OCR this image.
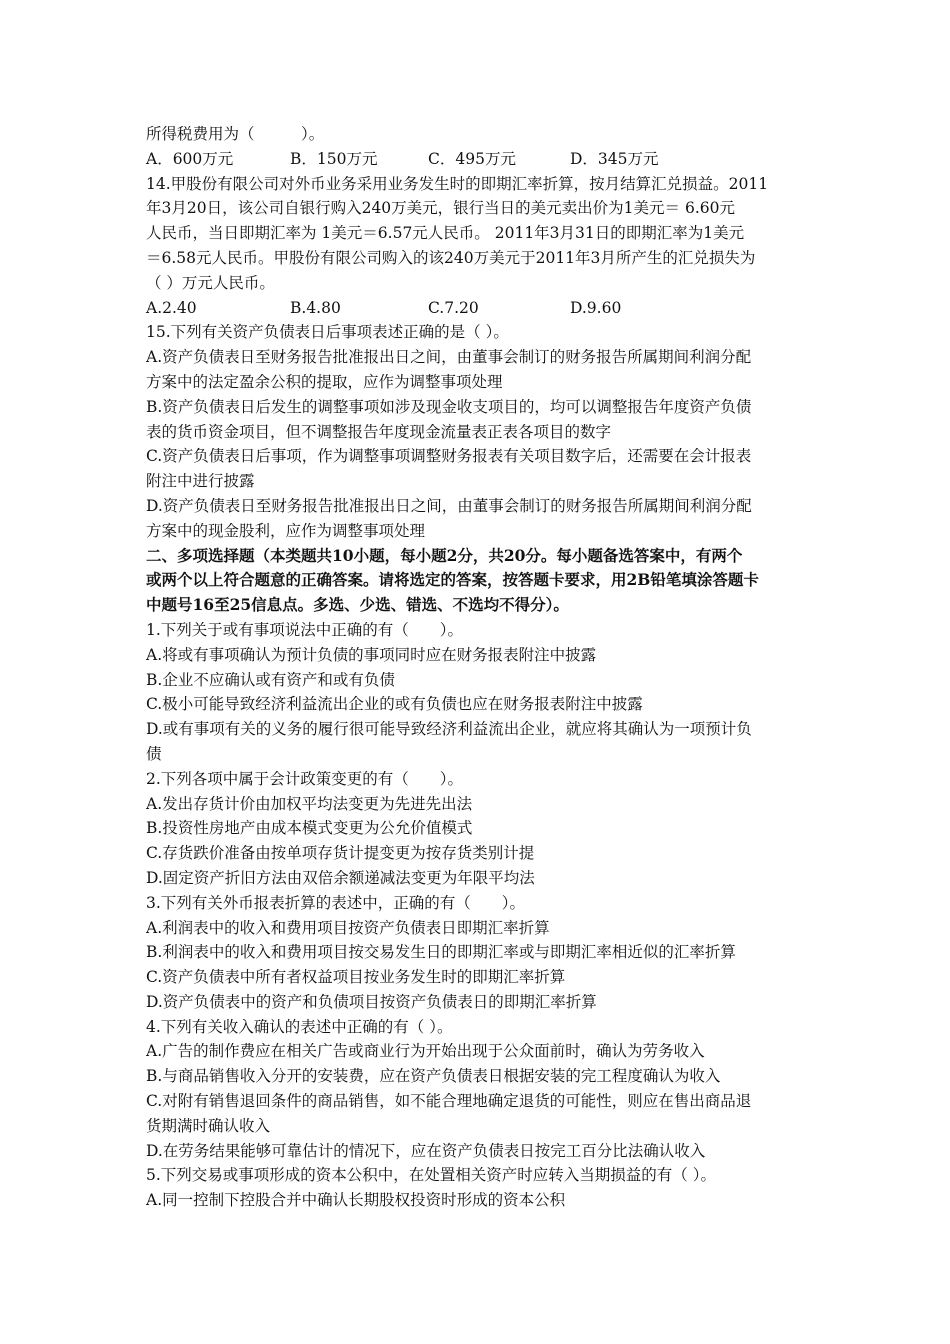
所得税费用为（　　　）。
A．600万元	B．150万元	C．495万元	D．345万元
14.甲股份有限公司对外币业务采用业务发生时的即期汇率折算，按月结算汇兑损益。2011
年3月20日，该公司自银行购入240万美元，银行当日的美元卖出价为1美元＝ 6.60元
人民币，当日即期汇率为 1美元＝6.57元人民币。 2011年3月31日的即期汇率为1美元
＝6.58元人民币。甲股份有限公司购入的该240万美元于2011年3月所产生的汇兑损失为
（ ）万元人民币。
A.2.40	B.4.80	C.7.20	D.9.60
15.下列有关资产负债表日后事项表述正确的是（ ）。
A.资产负债表日至财务报告批准报出日之间，由董事会制订的财务报告所属期间利润分配
方案中的法定盈余公积的提取，应作为调整事项处理
B.资产负债表日后发生的调整事项如涉及现金收支项目的，均可以调整报告年度资产负债
表的货币资金项目，但不调整报告年度现金流量表正表各项目的数字
C.资产负债表日后事项，作为调整事项调整财务报表有关项目数字后，还需要在会计报表
附注中进行披露
D.资产负债表日至财务报告批准报出日之间，由董事会制订的财务报告所属期间利润分配
方案中的现金股利，应作为调整事项处理
二、多项选择题（本类题共10小题，每小题2分，共20分。每小题备选答案中，有两个
或两个以上符合题意的正确答案。请将选定的答案，按答题卡要求，用2B铅笔填涂答题卡
中题号16至25信息点。多选、少选、错选、不选均不得分）。
1.下列关于或有事项说法中正确的有（　　）。
A.将或有事项确认为预计负债的事项同时应在财务报表附注中披露
B.企业不应确认或有资产和或有负债
C.极小可能导致经济利益流出企业的或有负债也应在财务报表附注中披露
D.或有事项有关的义务的履行很可能导致经济利益流出企业，就应将其确认为一项预计负
债
2.下列各项中属于会计政策变更的有（　　）。
A.发出存货计价由加权平均法变更为先进先出法
B.投资性房地产由成本模式变更为公允价值模式
C.存货跌价准备由按单项存货计提变更为按存货类别计提
D.固定资产折旧方法由双倍余额递减法变更为年限平均法
3.下列有关外币报表折算的表述中，正确的有（　　）。
A.利润表中的收入和费用项目按资产负债表日即期汇率折算
B.利润表中的收入和费用项目按交易发生日的即期汇率或与即期汇率相近似的汇率折算
C.资产负债表中所有者权益项目按业务发生时的即期汇率折算
D.资产负债表中的资产和负债项目按资产负债表日的即期汇率折算
4.下列有关收入确认的表述中正确的有（ ）。
A.广告的制作费应在相关广告或商业行为开始出现于公众面前时，确认为劳务收入
B.与商品销售收入分开的安装费，应在资产负债表日根据安装的完工程度确认为收入
C.对附有销售退回条件的商品销售，如不能合理地确定退货的可能性，则应在售出商品退
货期满时确认收入
D.在劳务结果能够可靠估计的情况下，应在资产负债表日按完工百分比法确认收入
5.下列交易或事项形成的资本公积中，在处置相关资产时应转入当期损益的有（ ）。
A.同一控制下控股合并中确认长期股权投资时形成的资本公积
